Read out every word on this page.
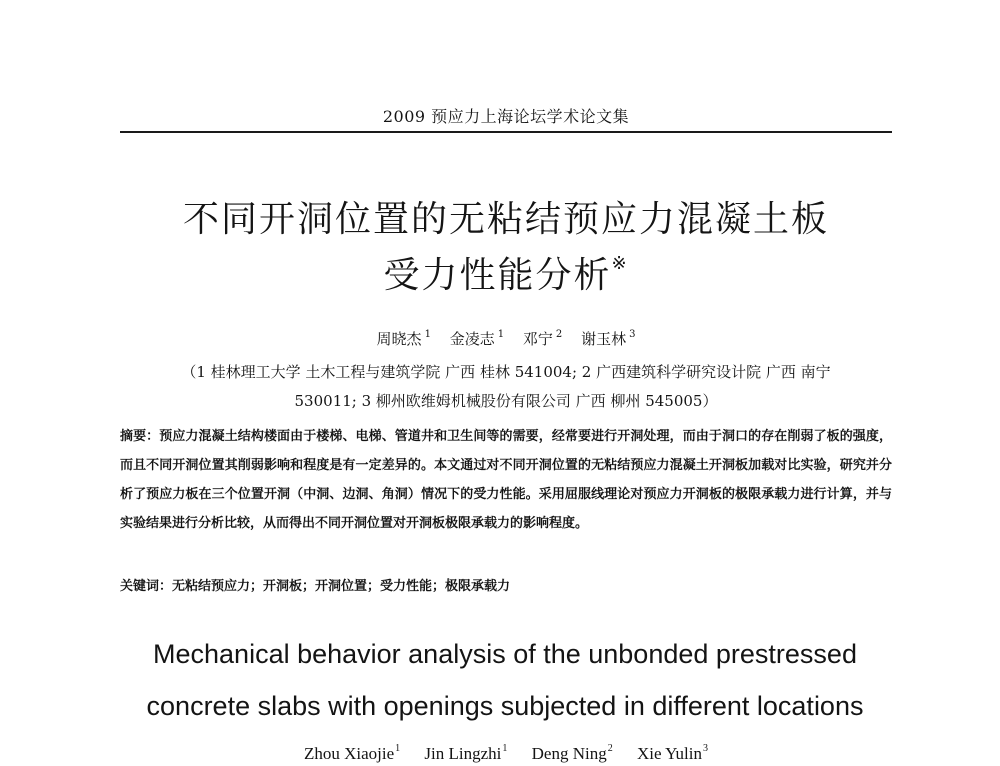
2009 预应力上海论坛学术论文集
不同开洞位置的无粘结预应力混凝土板
受力性能分析※
周晓杰 $^1$ 金凌志 $^1$ 邓宁 $^2$ 谢玉林 $^3$
（1 桂林理工大学 土木工程与建筑学院 广西 桂林 541004; 2 广西建筑科学研究设计院 广西 南宁
530011; 3 柳州欧维姆机械股份有限公司 广西 柳州 545005）
摘要：预应力混凝土结构楼面由于楼梯、电梯、管道井和卫生间等的需要，经常要进行开洞处理，而由于洞口的存在削弱了板的强度，而且不同开洞位置其削弱影响和程度是有一定差异的。本文通过对不同开洞位置的无粘结预应力混凝土开洞板加载对比实验，研究并分析了预应力板在三个位置开洞（中洞、边洞、角洞）情况下的受力性能。采用屈服线理论对预应力开洞板的极限承载力进行计算，并与实验结果进行分析比较，从而得出不同开洞位置对开洞板极限承载力的影响程度。
关键词：无粘结预应力；开洞板；开洞位置；受力性能；极限承载力
Mechanical behavior analysis of the unbonded prestressed
concrete slabs with openings subjected in different locations
Zhou Xiaojie$^1$ Jin Lingzhi$^1$ Deng Ning$^2$ Xie Yulin$^3$
